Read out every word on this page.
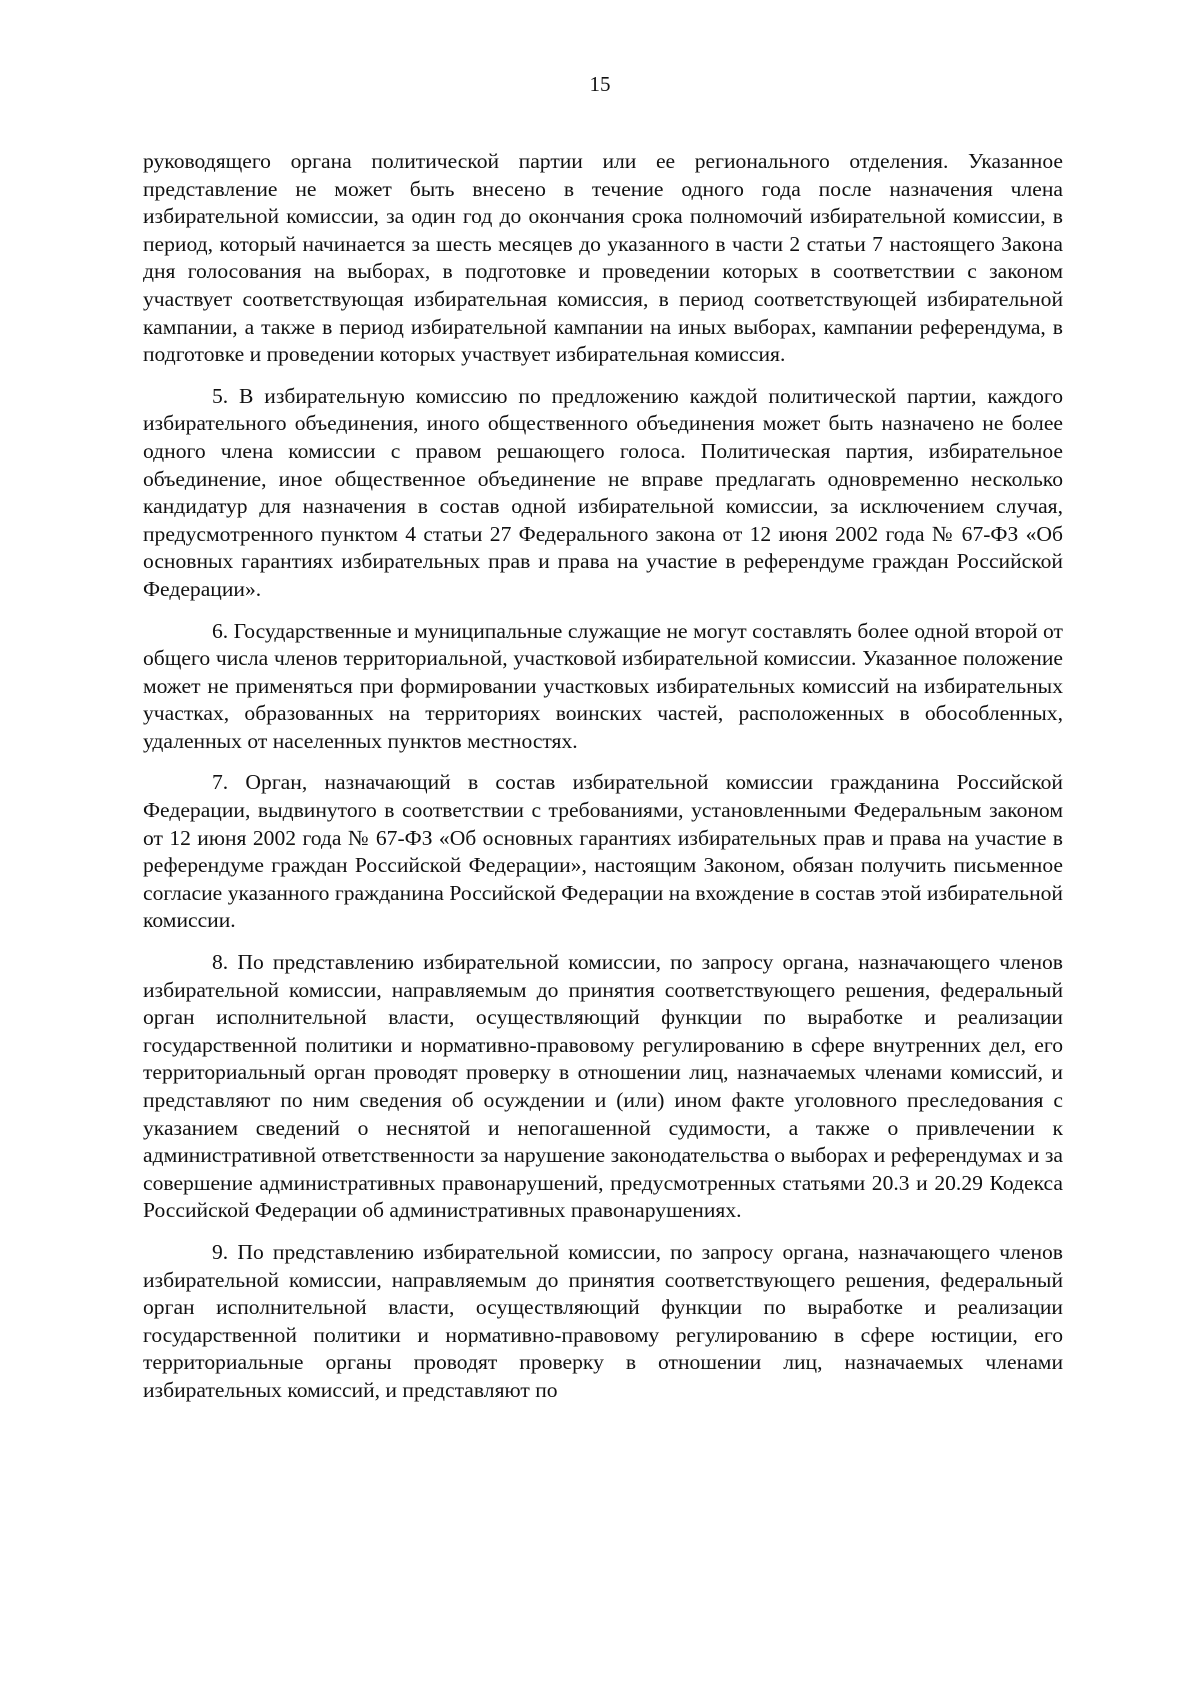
15

руководящего органа политической партии или ее регионального отделения. Указанное представление не может быть внесено в течение одного года после назначения члена избирательной комиссии, за один год до окончания срока полномочий избирательной комиссии, в период, который начинается за шесть месяцев до указанного в части 2 статьи 7 настоящего Закона дня голосования на выборах, в подготовке и проведении которых в соответствии с законом участвует соответствующая избирательная комиссия, в период соответствующей избирательной кампании, а также в период избирательной кампании на иных выборах, кампании референдума, в подготовке и проведении которых участвует избирательная комиссия.

5. В избирательную комиссию по предложению каждой политической партии, каждого избирательного объединения, иного общественного объединения может быть назначено не более одного члена комиссии с правом решающего голоса. Политическая партия, избирательное объединение, иное общественное объединение не вправе предлагать одновременно несколько кандидатур для назначения в состав одной избирательной комиссии, за исключением случая, предусмотренного пунктом 4 статьи 27 Федерального закона от 12 июня 2002 года № 67-ФЗ «Об основных гарантиях избирательных прав и права на участие в референдуме граждан Российской Федерации».

6. Государственные и муниципальные служащие не могут составлять более одной второй от общего числа членов территориальной, участковой избирательной комиссии. Указанное положение может не применяться при формировании участковых избирательных комиссий на избирательных участках, образованных на территориях воинских частей, расположенных в обособленных, удаленных от населенных пунктов местностях.

7. Орган, назначающий в состав избирательной комиссии гражданина Российской Федерации, выдвинутого в соответствии с требованиями, установленными Федеральным законом от 12 июня 2002 года № 67-ФЗ «Об основных гарантиях избирательных прав и права на участие в референдуме граждан Российской Федерации», настоящим Законом, обязан получить письменное согласие указанного гражданина Российской Федерации на вхождение в состав этой избирательной комиссии.

8. По представлению избирательной комиссии, по запросу органа, назначающего членов избирательной комиссии, направляемым до принятия соответствующего решения, федеральный орган исполнительной власти, осуществляющий функции по выработке и реализации государственной политики и нормативно-правовому регулированию в сфере внутренних дел, его территориальный орган проводят проверку в отношении лиц, назначаемых членами комиссий, и представляют по ним сведения об осуждении и (или) ином факте уголовного преследования с указанием сведений о неснятой и непогашенной судимости, а также о привлечении к административной ответственности за нарушение законодательства о выборах и референдумах и за совершение административных правонарушений, предусмотренных статьями 20.3 и 20.29 Кодекса Российской Федерации об административных правонарушениях.

9. По представлению избирательной комиссии, по запросу органа, назначающего членов избирательной комиссии, направляемым до принятия соответствующего решения, федеральный орган исполнительной власти, осуществляющий функции по выработке и реализации государственной политики и нормативно-правовому регулированию в сфере юстиции, его территориальные органы проводят проверку в отношении лиц, назначаемых членами избирательных комиссий, и представляют по
